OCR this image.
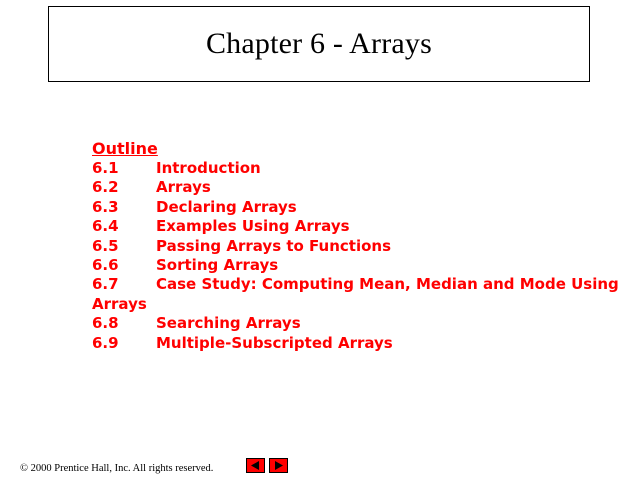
Chapter 6 - Arrays
Outline
6.1	Introduction
6.2	Arrays
6.3	Declaring Arrays
6.4	Examples Using Arrays
6.5	Passing Arrays to Functions
6.6	Sorting Arrays
6.7	Case Study: Computing Mean, Median and Mode Using
Arrays
6.8	Searching Arrays
6.9	Multiple-Subscripted Arrays
© 2000 Prentice Hall, Inc. All rights reserved.
